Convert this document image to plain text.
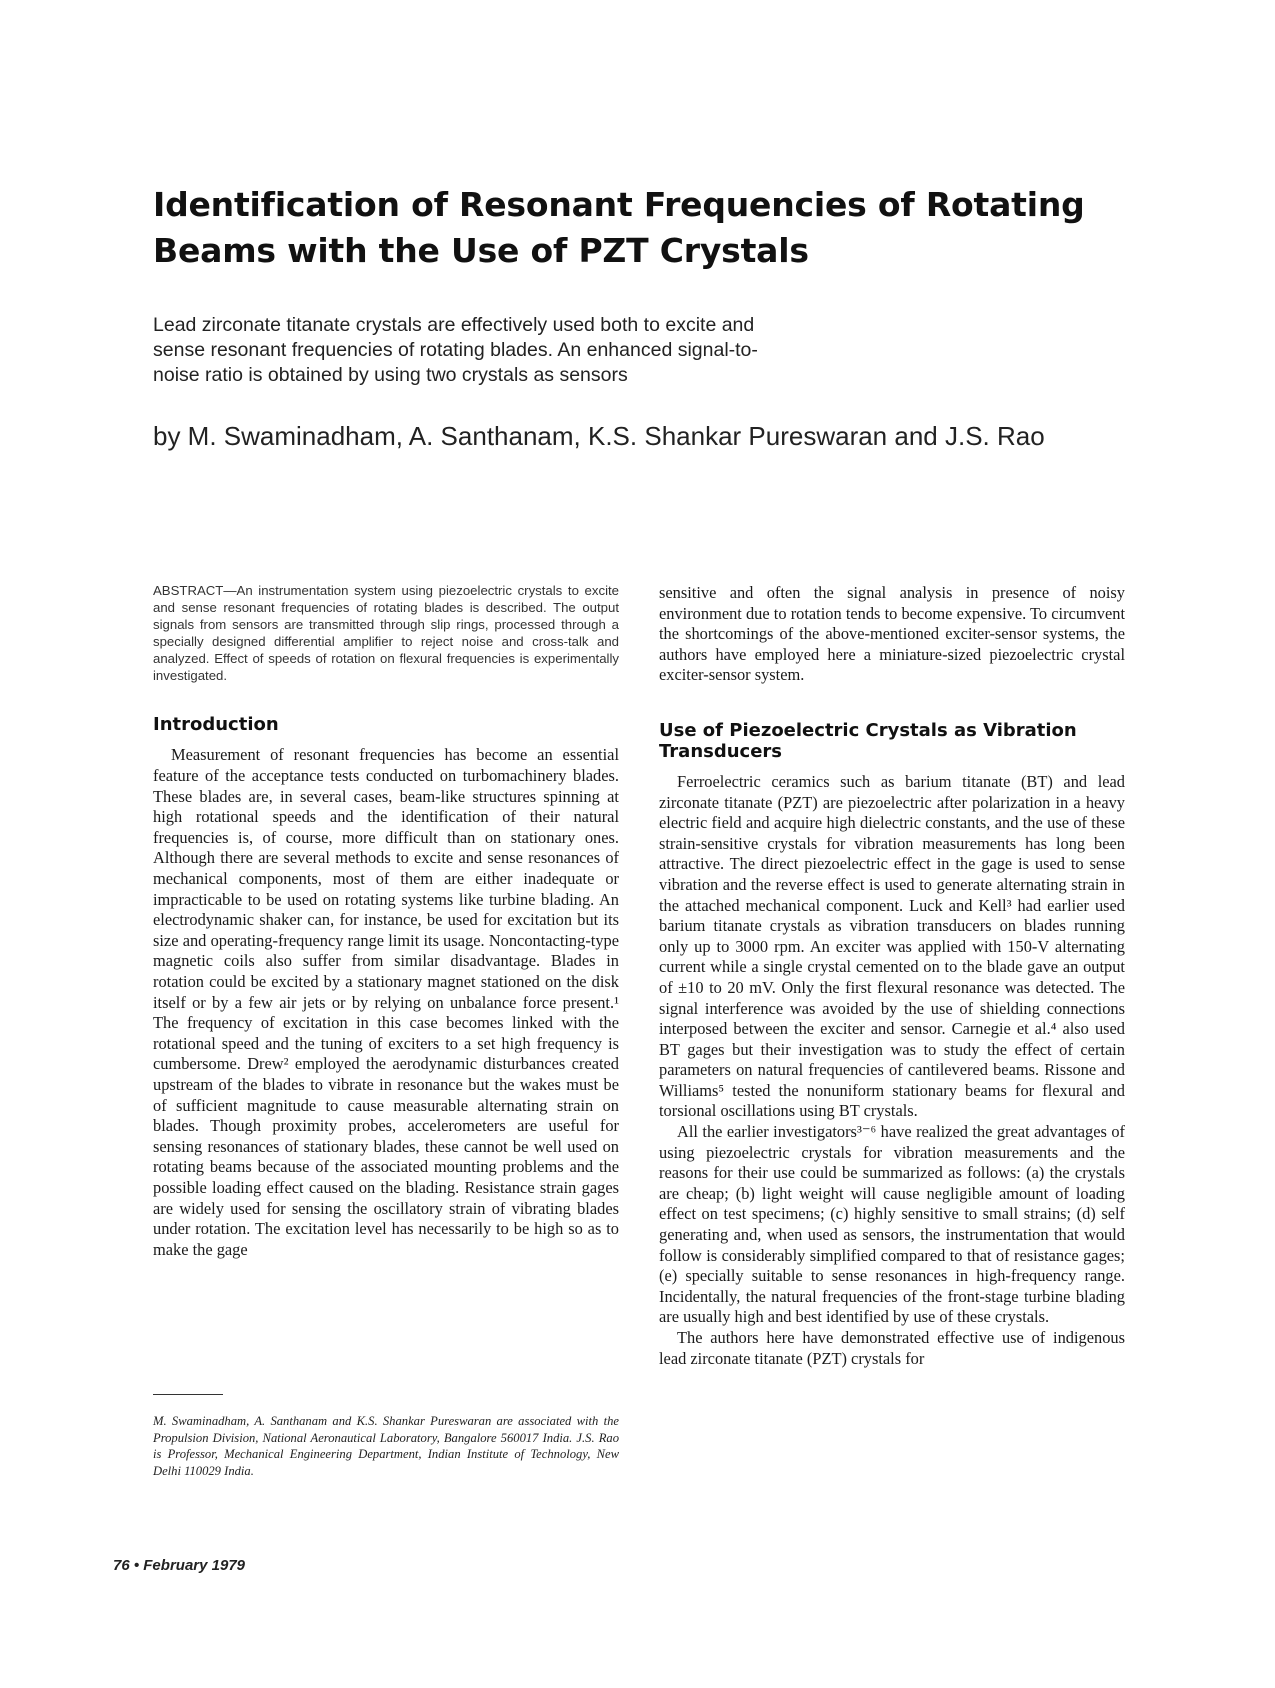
Identification of Resonant Frequencies of Rotating Beams with the Use of PZT Crystals

Lead zirconate titanate crystals are effectively used both to excite and sense resonant frequencies of rotating blades. An enhanced signal-to-noise ratio is obtained by using two crystals as sensors

by M. Swaminadham, A. Santhanam, K.S. Shankar Pureswaran and J.S. Rao

ABSTRACT—An instrumentation system using piezoelectric crystals to excite and sense resonant frequencies of rotating blades is described. The output signals from sensors are transmitted through slip rings, processed through a specially designed differential amplifier to reject noise and cross-talk and analyzed. Effect of speeds of rotation on flexural frequencies is experimentally investigated.

Introduction

Measurement of resonant frequencies has become an essential feature of the acceptance tests conducted on turbomachinery blades. These blades are, in several cases, beam-like structures spinning at high rotational speeds and the identification of their natural frequencies is, of course, more difficult than on stationary ones. Although there are several methods to excite and sense resonances of mechanical components, most of them are either inadequate or impracticable to be used on rotating systems like turbine blading. An electrodynamic shaker can, for instance, be used for excitation but its size and operating-frequency range limit its usage. Noncontacting-type magnetic coils also suffer from similar disadvantage. Blades in rotation could be excited by a stationary magnet stationed on the disk itself or by a few air jets or by relying on unbalance force present.¹ The frequency of excitation in this case becomes linked with the rotational speed and the tuning of exciters to a set high frequency is cumbersome. Drew² employed the aerodynamic disturbances created upstream of the blades to vibrate in resonance but the wakes must be of sufficient magnitude to cause measurable alternating strain on blades. Though proximity probes, accelerometers are useful for sensing resonances of stationary blades, these cannot be well used on rotating beams because of the associated mounting problems and the possible loading effect caused on the blading. Resistance strain gages are widely used for sensing the oscillatory strain of vibrating blades under rotation. The excitation level has necessarily to be high so as to make the gage

sensitive and often the signal analysis in presence of noisy environment due to rotation tends to become expensive. To circumvent the shortcomings of the above-mentioned exciter-sensor systems, the authors have employed here a miniature-sized piezoelectric crystal exciter-sensor system.

Use of Piezoelectric Crystals as Vibration Transducers

Ferroelectric ceramics such as barium titanate (BT) and lead zirconate titanate (PZT) are piezoelectric after polarization in a heavy electric field and acquire high dielectric constants, and the use of these strain-sensitive crystals for vibration measurements has long been attractive. The direct piezoelectric effect in the gage is used to sense vibration and the reverse effect is used to generate alternating strain in the attached mechanical component. Luck and Kell³ had earlier used barium titanate crystals as vibration transducers on blades running only up to 3000 rpm. An exciter was applied with 150-V alternating current while a single crystal cemented on to the blade gave an output of ±10 to 20 mV. Only the first flexural resonance was detected. The signal interference was avoided by the use of shielding connections interposed between the exciter and sensor. Carnegie et al.⁴ also used BT gages but their investigation was to study the effect of certain parameters on natural frequencies of cantilevered beams. Rissone and Williams⁵ tested the nonuniform stationary beams for flexural and torsional oscillations using BT crystals.

All the earlier investigators³⁻⁶ have realized the great advantages of using piezoelectric crystals for vibration measurements and the reasons for their use could be summarized as follows: (a) the crystals are cheap; (b) light weight will cause negligible amount of loading effect on test specimens; (c) highly sensitive to small strains; (d) self generating and, when used as sensors, the instrumentation that would follow is considerably simplified compared to that of resistance gages; (e) specially suitable to sense resonances in high-frequency range. Incidentally, the natural frequencies of the front-stage turbine blading are usually high and best identified by use of these crystals.

The authors here have demonstrated effective use of indigenous lead zirconate titanate (PZT) crystals for

M. Swaminadham, A. Santhanam and K.S. Shankar Pureswaran are associated with the Propulsion Division, National Aeronautical Laboratory, Bangalore 560017 India. J.S. Rao is Professor, Mechanical Engineering Department, Indian Institute of Technology, New Delhi 110029 India.

76 • February 1979
